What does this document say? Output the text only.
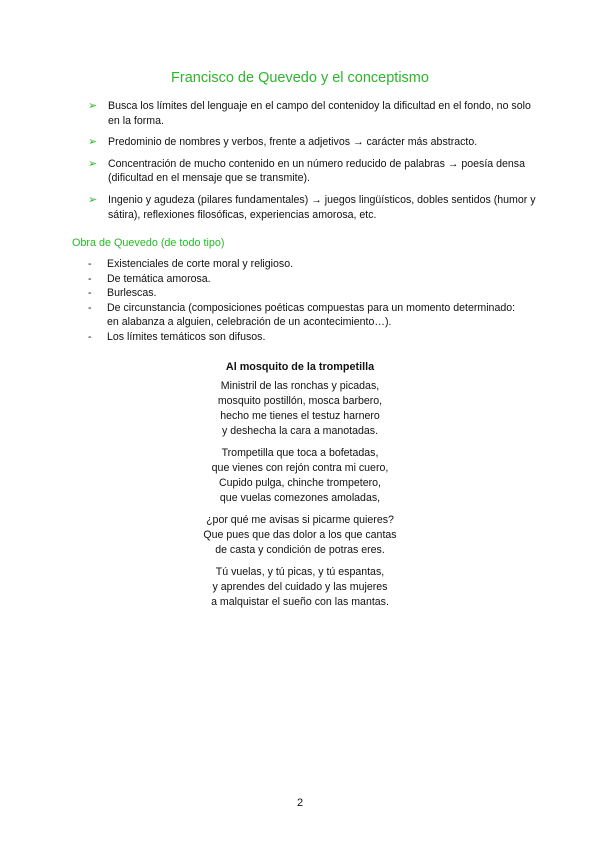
Francisco de Quevedo y el conceptismo
➢ Busca los límites del lenguaje en el campo del contenidoy la dificultad en el fondo, no solo en la forma.
➢ Predominio de nombres y verbos, frente a adjetivos → carácter más abstracto.
➢ Concentración de mucho contenido en un número reducido de palabras → poesía densa (dificultad en el mensaje que se transmite).
➢ Ingenio y agudeza (pilares fundamentales) → juegos lingüísticos, dobles sentidos (humor y sátira), reflexiones filosóficas, experiencias amorosa, etc.
Obra de Quevedo (de todo tipo)
- Existenciales de corte moral y religioso.
- De temática amorosa.
- Burlescas.
- De circunstancia (composiciones poéticas compuestas para un momento determinado: en alabanza a alguien, celebración de un acontecimiento…).
- Los límites temáticos son difusos.
Al mosquito de la trompetilla
Ministril de las ronchas y picadas,
mosquito postillón, mosca barbero,
hecho me tienes el testuz harnero
y deshecha la cara a manotadas.
Trompetilla que toca a bofetadas,
que vienes con rejón contra mi cuero,
Cupido pulga, chinche trompetero,
que vuelas comezones amoladas,
¿por qué me avisas si picarme quieres?
Que pues que das dolor a los que cantas
de casta y condición de potras eres.
Tú vuelas, y tú picas, y tú espantas,
y aprendes del cuidado y las mujeres
a malquistar el sueño con las mantas.
2
